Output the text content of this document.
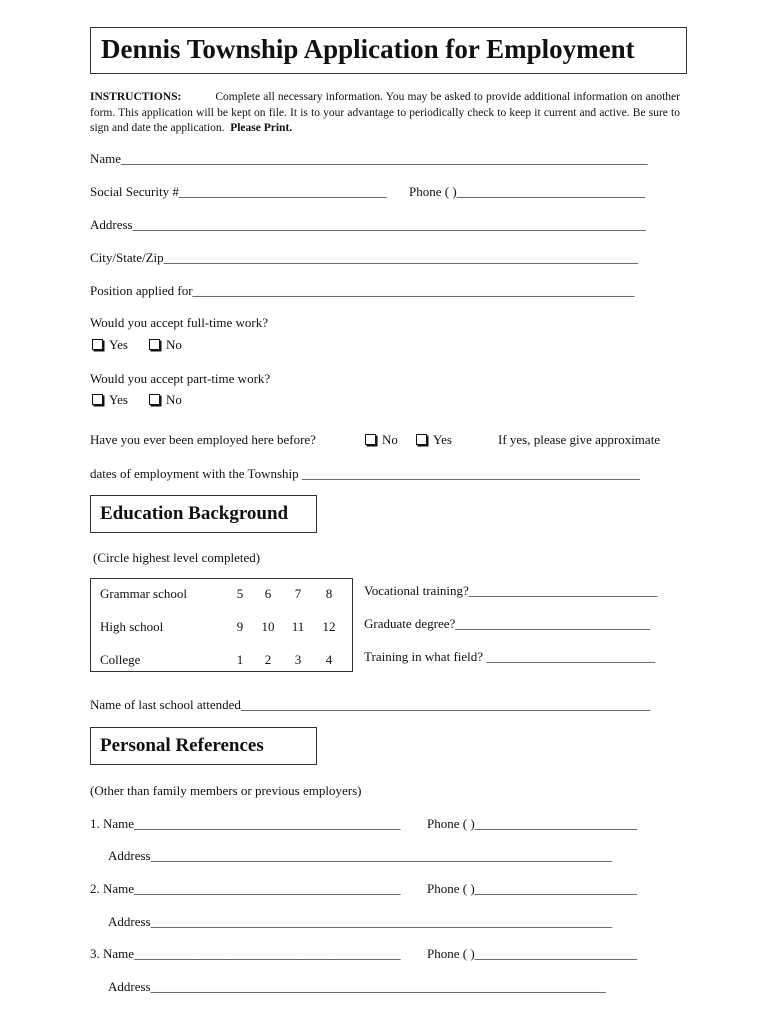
Dennis Township Application for Employment
INSTRUCTIONS:	Complete all necessary information. You may be asked to provide additional information on another form. This application will be kept on file. It is to your advantage to periodically check to keep it current and active. Be sure to sign and date the application. Please Print.
Name_________________________________________________________________________________
Social Security #________________________________ Phone ( )_____________________________
Address_______________________________________________________________________________
City/State/Zip_________________________________________________________________________
Position applied for____________________________________________________________________
Would you accept full-time work?
Yes	No
Would you accept part-time work?
Yes	No
Have you ever been employed here before?	No	Yes	If yes, please give approximate
dates of employment with the Township ____________________________________________________
Education Background
(Circle highest level completed)
Grammar school	5	6	7	8
High school	9	10 11 12
College	1	2	3	4
Vocational training?_____________________________
Graduate degree?______________________________
Training in what field? __________________________
Name of last school attended_______________________________________________________________
Personal References
(Other than family members or previous employers)
1. Name_________________________________________ Phone ( )_________________________
Address_______________________________________________________________________
2. Name_________________________________________ Phone ( )_________________________
Address_______________________________________________________________________
3. Name_________________________________________ Phone ( )_________________________
Address______________________________________________________________________
